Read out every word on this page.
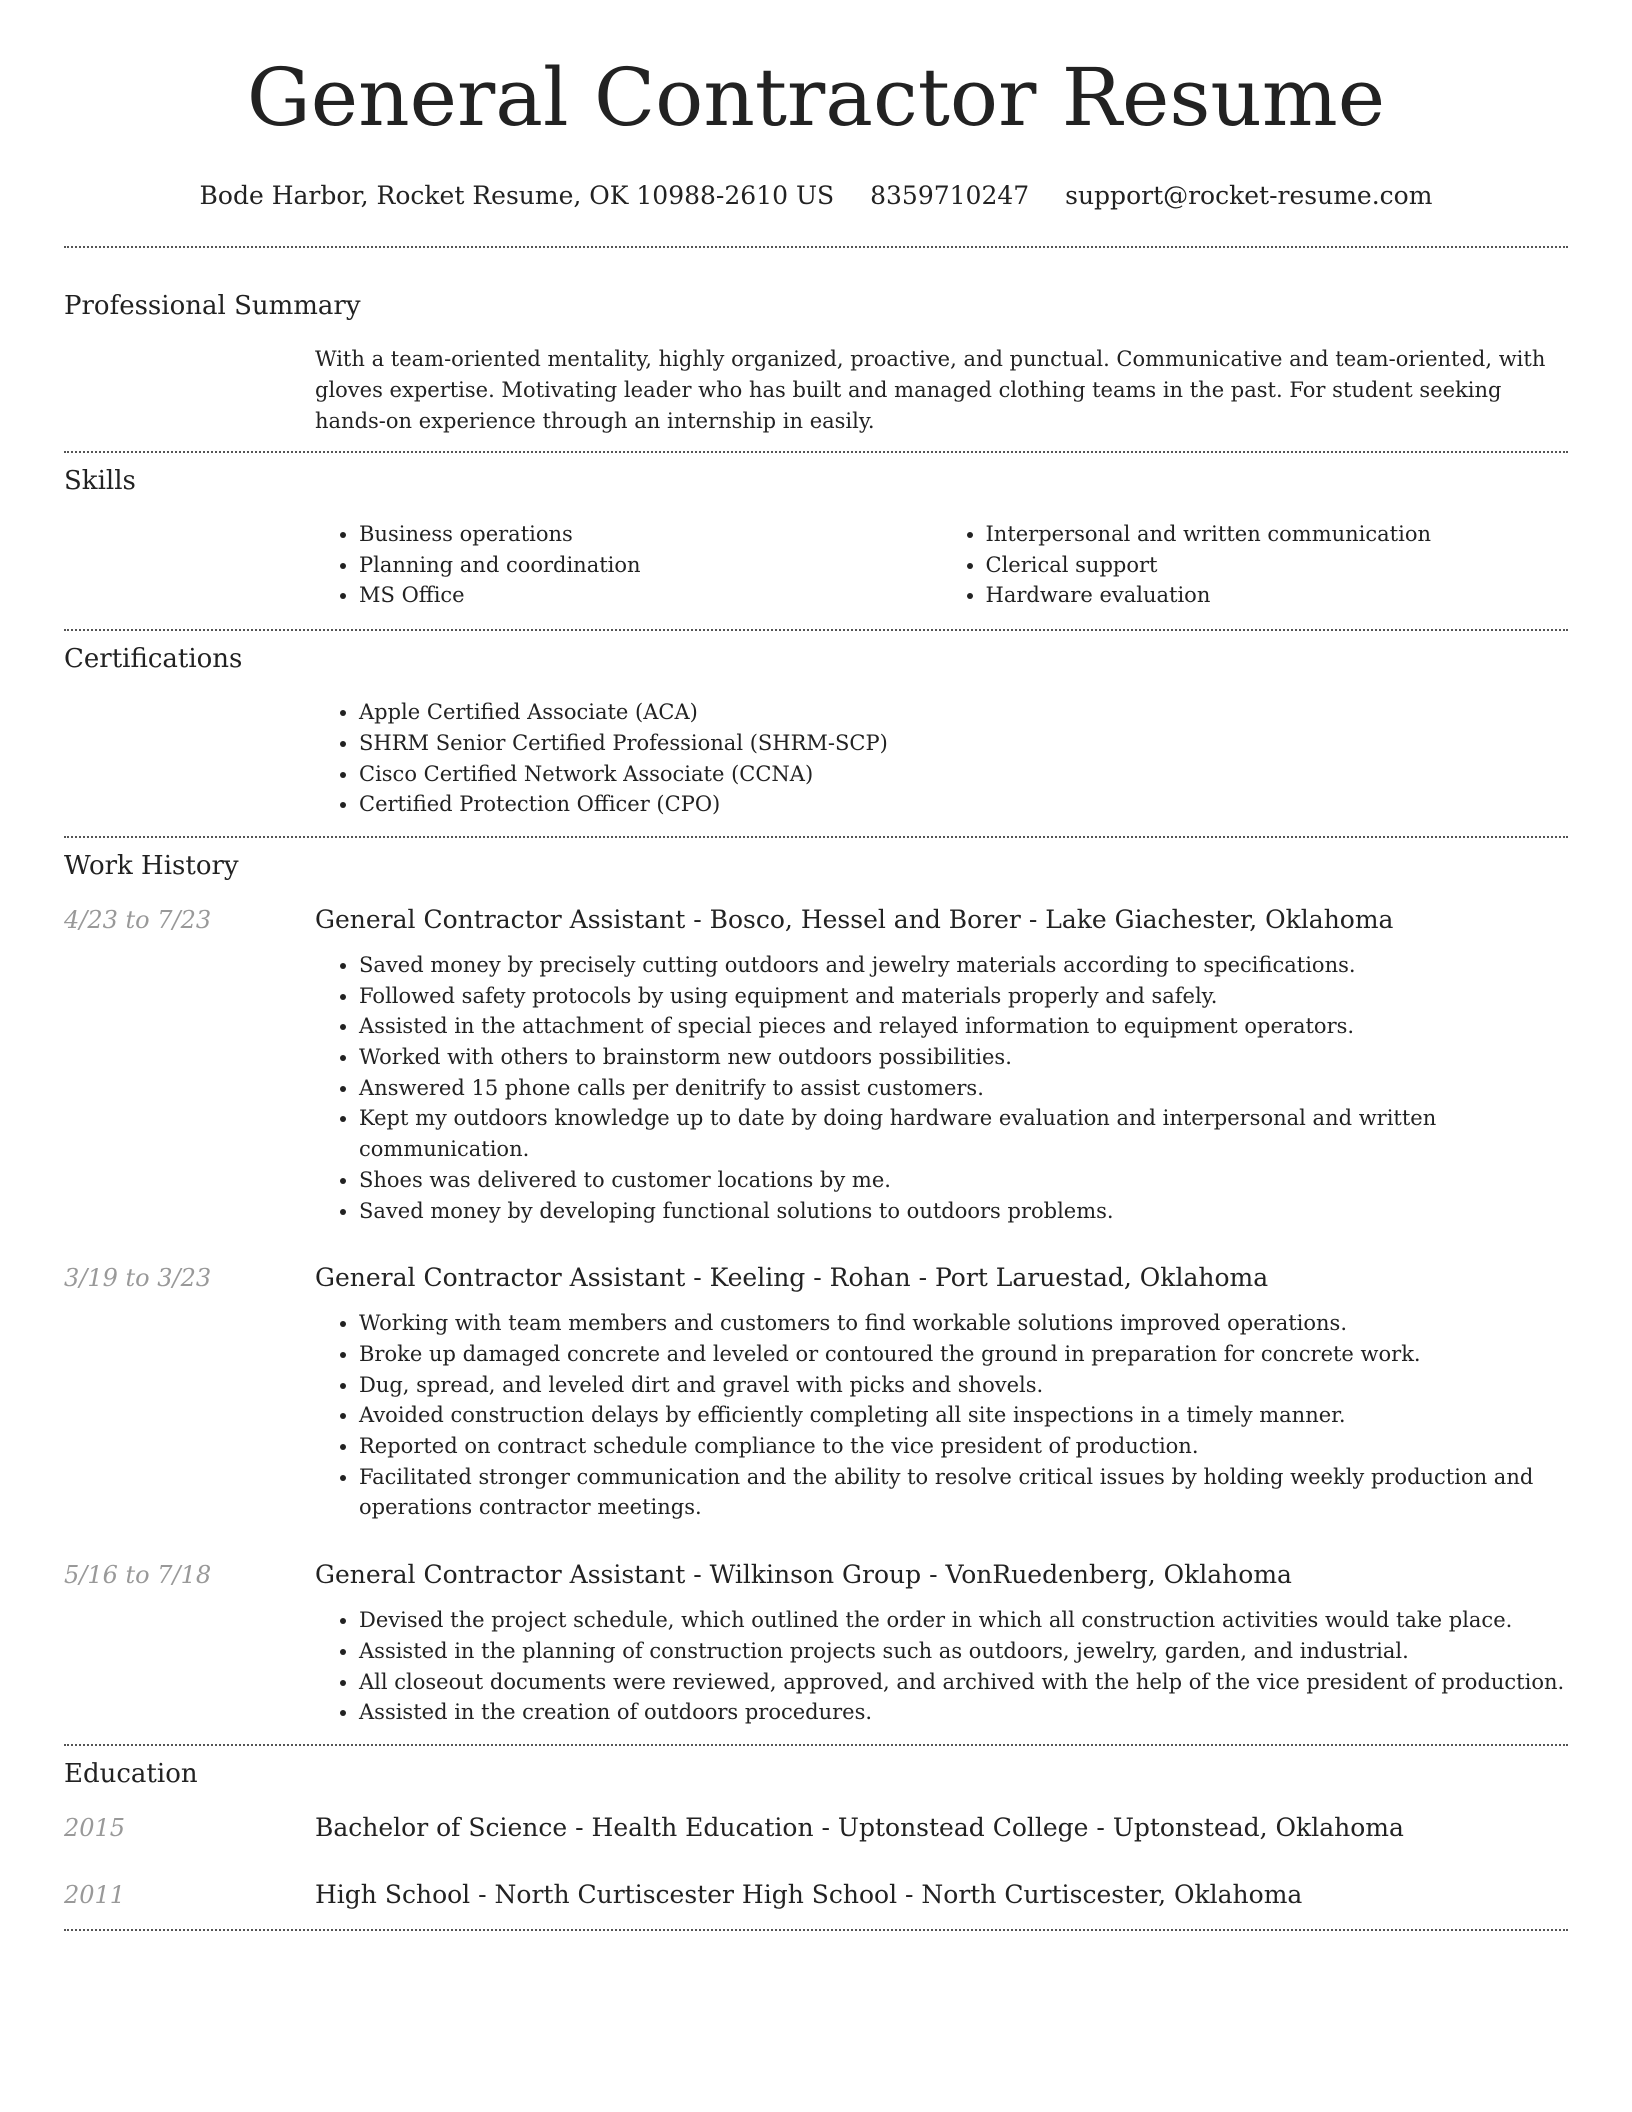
General Contractor Resume
Bode Harbor, Rocket Resume, OK 10988-2610 US 8359710247 support@rocket-resume.com
Professional Summary
With a team-oriented mentality, highly organized, proactive, and punctual. Communicative and team-oriented, with gloves expertise. Motivating leader who has built and managed clothing teams in the past. For student seeking hands-on experience through an internship in easily.
Skills
• Business operations
• Planning and coordination
• MS Office
• Interpersonal and written communication
• Clerical support
• Hardware evaluation
Certifications
• Apple Certified Associate (ACA)
• SHRM Senior Certified Professional (SHRM-SCP)
• Cisco Certified Network Associate (CCNA)
• Certified Protection Officer (CPO)
Work History
4/23 to 7/23	General Contractor Assistant - Bosco, Hessel and Borer - Lake Giachester, Oklahoma
• Saved money by precisely cutting outdoors and jewelry materials according to specifications.
• Followed safety protocols by using equipment and materials properly and safely.
• Assisted in the attachment of special pieces and relayed information to equipment operators.
• Worked with others to brainstorm new outdoors possibilities.
• Answered 15 phone calls per denitrify to assist customers.
• Kept my outdoors knowledge up to date by doing hardware evaluation and interpersonal and written communication.
• Shoes was delivered to customer locations by me.
• Saved money by developing functional solutions to outdoors problems.
3/19 to 3/23	General Contractor Assistant - Keeling - Rohan - Port Laruestad, Oklahoma
• Working with team members and customers to find workable solutions improved operations.
• Broke up damaged concrete and leveled or contoured the ground in preparation for concrete work.
• Dug, spread, and leveled dirt and gravel with picks and shovels.
• Avoided construction delays by efficiently completing all site inspections in a timely manner.
• Reported on contract schedule compliance to the vice president of production.
• Facilitated stronger communication and the ability to resolve critical issues by holding weekly production and operations contractor meetings.
5/16 to 7/18	General Contractor Assistant - Wilkinson Group - VonRuedenberg, Oklahoma
• Devised the project schedule, which outlined the order in which all construction activities would take place.
• Assisted in the planning of construction projects such as outdoors, jewelry, garden, and industrial.
• All closeout documents were reviewed, approved, and archived with the help of the vice president of production.
• Assisted in the creation of outdoors procedures.
Education
2015	Bachelor of Science - Health Education - Uptonstead College - Uptonstead, Oklahoma
2011	High School - North Curtiscester High School - North Curtiscester, Oklahoma
